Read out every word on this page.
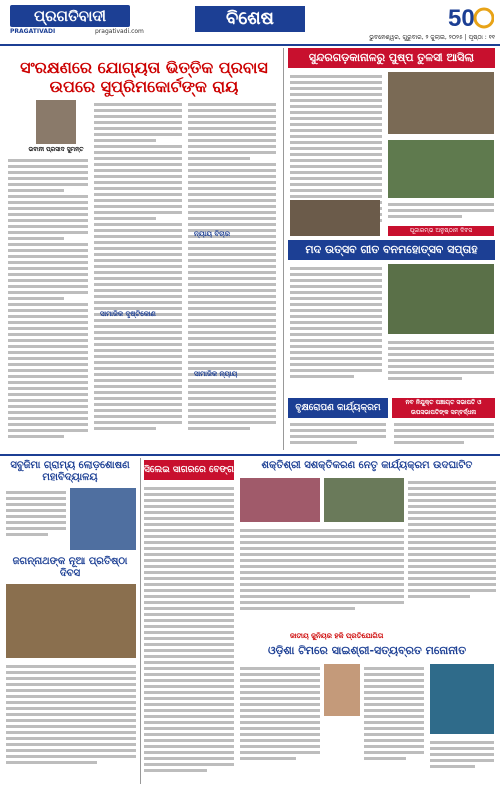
ପ୍ରଗତିବାଦୀ
PRAGATIVADI	pragativadi.com
ବିଶେଷ	50
ଭୁବନେଶ୍ୱର, ଗୁରୁବାର, ୨ ଜୁଲାଇ, ୨୦୨୫ | ପୃଷ୍ଠା : ୧୧
ସଂରକ୍ଷଣରେ ଯୋଗ୍ୟତା ଭିତ୍ତିକ ପ୍ରବାସ ଉପରେ ସୁପ୍ରିମକୋର୍ଟଙ୍କ ରାୟ
ଭବାନୀ ପ୍ରସାଦ ସୁମନ୍ତ
ସାମାଜିକ ଦୃଷ୍ଟିକୋଣ
ନ୍ୟାୟ ବିଚାର
ସାମାଜିକ ନ୍ୟାୟ
ସୁନ୍ଦରଗଡ଼କାନାଳରୁ ପୁଷ୍ପ ତୁଳସୀ ଆସିଲା
ପୂଜାରମ୍ଭ ଅନୁଷ୍ଠାନ ଦିବସ
ମଦ ଉତ୍ସବ ଗୀତ ବନମହୋତ୍ସବ ସପ୍ତାହ
ବୃକ୍ଷରୋପଣ କାର୍ଯ୍ୟକ୍ରମ
ନବ ନିଯୁକ୍ତ ପଞ୍ଚାୟତ ସଭାପତି ଓ ଉପସଭାପତିଙ୍କ ସମ୍ବର୍ଦ୍ଧନା
ସବୁଜିମା ଗ୍ରାମ୍ୟ ଲୋଡ଼ଶୋଷଣ ମହାବିଦ୍ୟାଳୟ
ଜଗନ୍ନାଥଙ୍କ ନୂଆ ପ୍ରତିଷ୍ଠା ଦିବସ
ସିଲେଇ ସାଗରରେ ବେଙ୍ଗ	ଶକ୍ତିଶ୍ରୀ ସଶକ୍ତିକରଣ ନେତୃ କାର୍ଯ୍ୟକ୍ରମ ଉଦଘାଟିତ
ଜାତୀୟ ଜୁନିୟର ହକି ପ୍ରତିଯୋଗିତା
ଓଡ଼ିଶା ଟିମରେ ସାଇଶ୍ରୀ-ସତ୍ୟବ୍ରତ ମନୋନୀତ
